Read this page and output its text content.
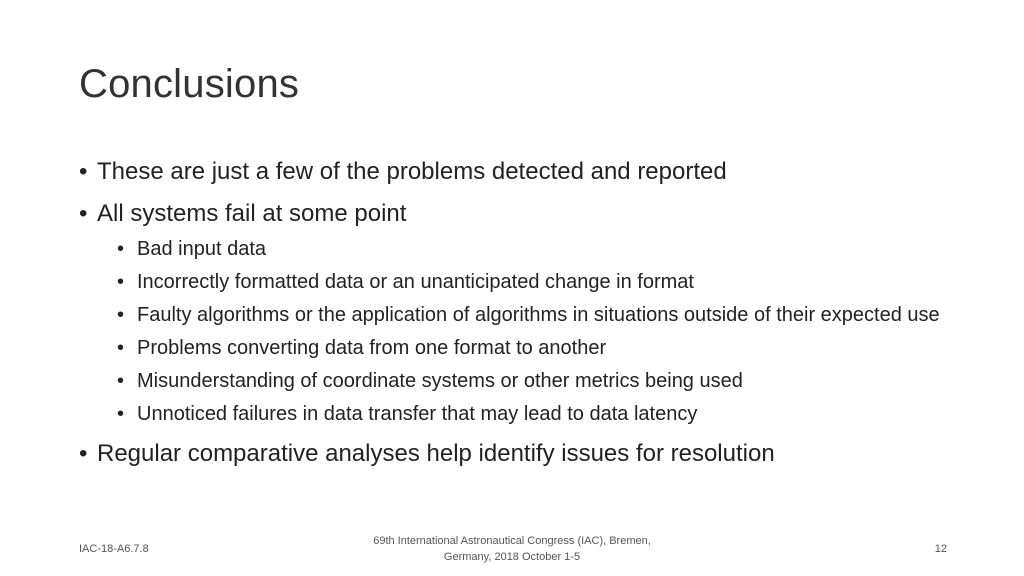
Conclusions
• These are just a few of the problems detected and reported
• All systems fail at some point
• Bad input data
• Incorrectly formatted data or an unanticipated change in format
• Faulty algorithms or the application of algorithms in situations outside of their expected use
• Problems converting data from one format to another
• Misunderstanding of coordinate systems or other metrics being used
• Unnoticed failures in data transfer that may lead to data latency
• Regular comparative analyses help identify issues for resolution
IAC-18-A6.7.8
69th International Astronautical Congress (IAC), Bremen, Germany, 2018 October 1-5
12
